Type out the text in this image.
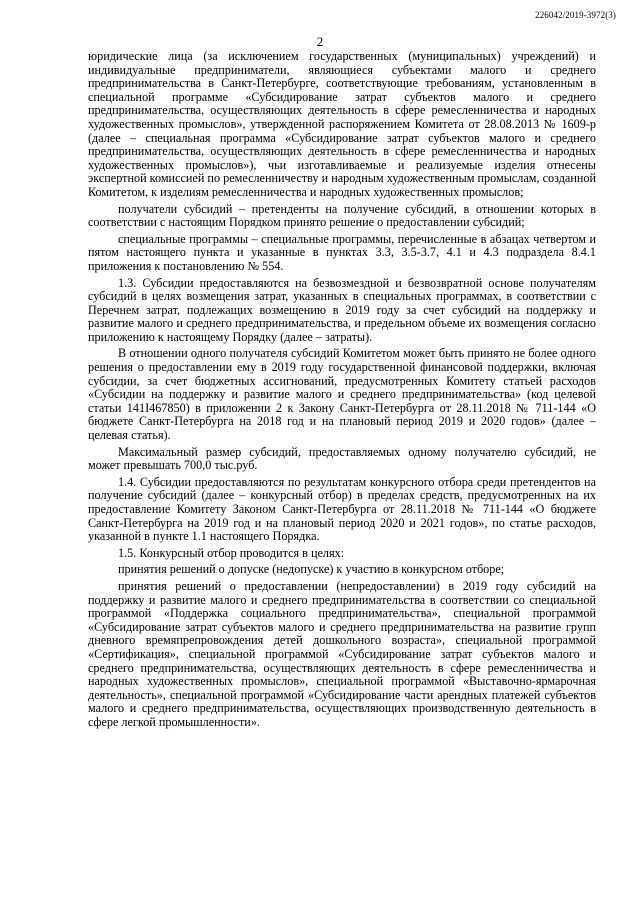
226042/2019-3972(3)
2

юридические лица (за исключением государственных (муниципальных) учреждений) и индивидуальные предприниматели, являющиеся субъектами малого и среднего предпринимательства в Санкт-Петербурге, соответствующие требованиям, установленным в специальной программе «Субсидирование затрат субъектов малого и среднего предпринимательства, осуществляющих деятельность в сфере ремесленничества и народных художественных промыслов», утвержденной распоряжением Комитета от 28.08.2013 № 1609-р (далее – специальная программа «Субсидирование затрат субъектов малого и среднего предпринимательства, осуществляющих деятельность в сфере ремесленничества и народных художественных промыслов»), чьи изготавливаемые и реализуемые изделия отнесены экспертной комиссией по ремесленничеству и народным художественным промыслам, созданной Комитетом, к изделиям ремесленничества и народных художественных промыслов;

получатели субсидий – претенденты на получение субсидий, в отношении которых в соответствии с настоящим Порядком принято решение о предоставлении субсидий;

специальные программы – специальные программы, перечисленные в абзацах четвертом и пятом настоящего пункта и указанные в пунктах 3.3, 3.5-3.7, 4.1 и 4.3 подраздела 8.4.1 приложения к постановлению № 554.

1.3. Субсидии предоставляются на безвозмездной и безвозвратной основе получателям субсидий в целях возмещения затрат, указанных в специальных программах, в соответствии с Перечнем затрат, подлежащих возмещению в 2019 году за счет субсидий на поддержку и развитие малого и среднего предпринимательства, и предельном объеме их возмещения согласно приложению к настоящему Порядку (далее – затраты).

В отношении одного получателя субсидий Комитетом может быть принято не более одного решения о предоставлении ему в 2019 году государственной финансовой поддержки, включая субсидии, за счет бюджетных ассигнований, предусмотренных Комитету статьей расходов «Субсидии на поддержку и развитие малого и среднего предпринимательства» (код целевой статьи 141I467850) в приложении 2 к Закону Санкт-Петербурга от 28.11.2018 № 711-144 «О бюджете Санкт-Петербурга на 2018 год и на плановый период 2019 и 2020 годов» (далее – целевая статья).

Максимальный размер субсидий, предоставляемых одному получателю субсидий, не может превышать 700,0 тыс.руб.

1.4. Субсидии предоставляются по результатам конкурсного отбора среди претендентов на получение субсидий (далее – конкурсный отбор) в пределах средств, предусмотренных на их предоставление Комитету Законом Санкт-Петербурга от 28.11.2018 № 711-144 «О бюджете Санкт-Петербурга на 2019 год и на плановый период 2020 и 2021 годов», по статье расходов, указанной в пункте 1.1 настоящего Порядка.

1.5. Конкурсный отбор проводится в целях:

принятия решений о допуске (недопуске) к участию в конкурсном отборе;

принятия решений о предоставлении (непредоставлении) в 2019 году субсидий на поддержку и развитие малого и среднего предпринимательства в соответствии со специальной программой «Поддержка социального предпринимательства», специальной программой «Субсидирование затрат субъектов малого и среднего предпринимательства на развитие групп дневного времяпрепровождения детей дошкольного возраста», специальной программой «Сертификация», специальной программой «Субсидирование затрат субъектов малого и среднего предпринимательства, осуществляющих деятельность в сфере ремесленничества и народных художественных промыслов», специальной программой «Выставочно-ярмарочная деятельность», специальной программой «Субсидирование части арендных платежей субъектов малого и среднего предпринимательства, осуществляющих производственную деятельность в сфере легкой промышленности».
